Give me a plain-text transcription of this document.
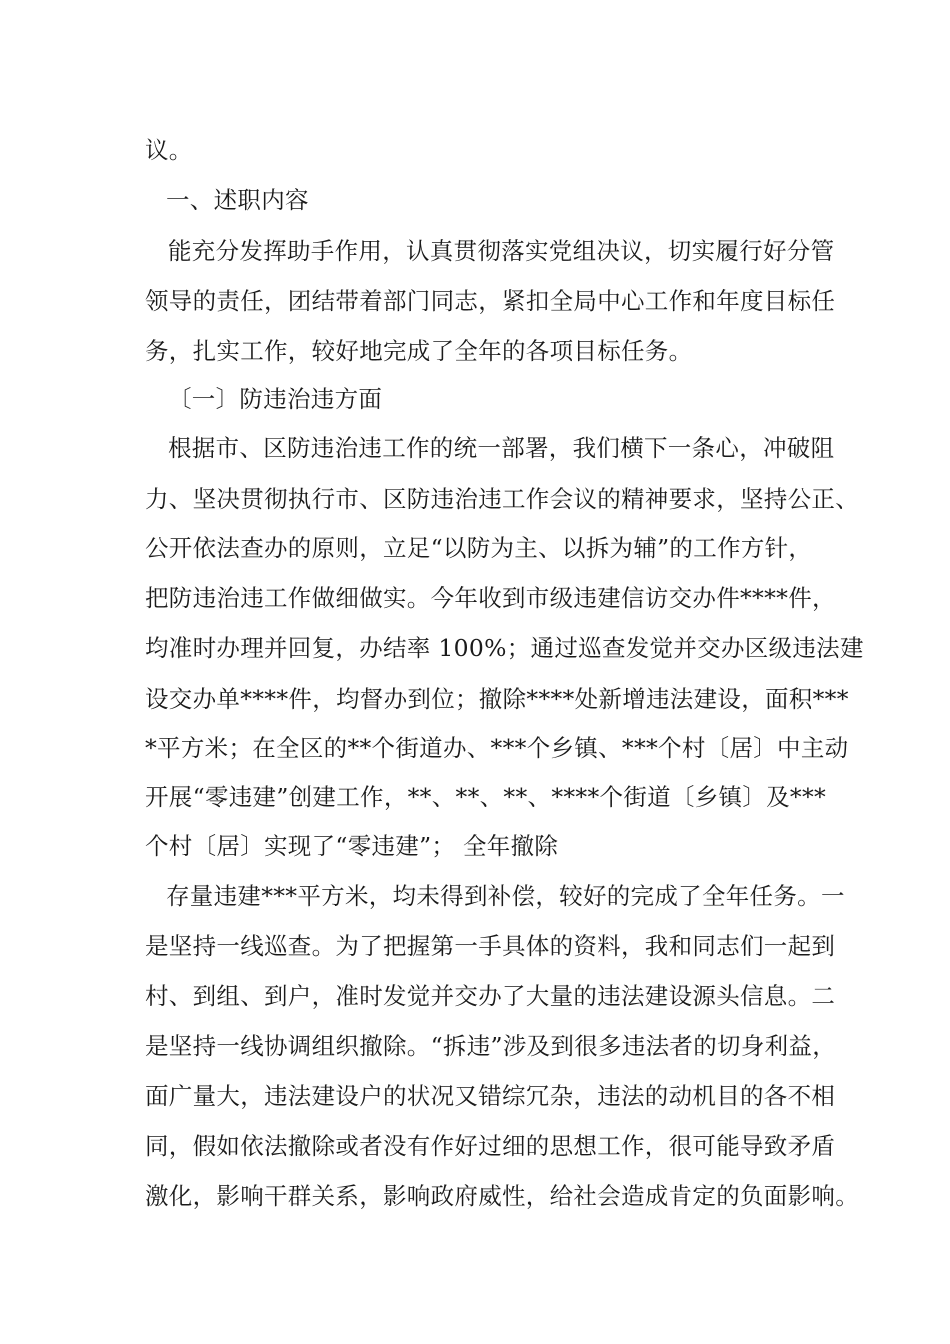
议。
一、述职内容
能充分发挥助手作用，认真贯彻落实党组决议，切实履行好分管
领导的责任，团结带着部门同志，紧扣全局中心工作和年度目标任
务，扎实工作，较好地完成了全年的各项目标任务。
〔一〕防违治违方面
根据市、区防违治违工作的统一部署，我们横下一条心，冲破阻
力、坚决贯彻执行市、区防违治违工作会议的精神要求，坚持公正、
公开依法查办的原则，立足“以防为主、以拆为辅”的工作方针，
把防违治违工作做细做实。今年收到市级违建信访交办件****件，
均准时办理并回复，办结率 100%；通过巡查发觉并交办区级违法建
设交办单****件，均督办到位；撤除****处新增违法建设，面积***
*平方米；在全区的**个街道办、***个乡镇、***个村〔居〕中主动
开展“零违建”创建工作，**、**、**、****个街道〔乡镇〕及***
个村〔居〕实现了“零违建”； 全年撤除
存量违建***平方米，均未得到补偿，较好的完成了全年任务。一
是坚持一线巡查。为了把握第一手具体的资料，我和同志们一起到
村、到组、到户，准时发觉并交办了大量的违法建设源头信息。二
是坚持一线协调组织撤除。“拆违”涉及到很多违法者的切身利益，
面广量大，违法建设户的状况又错综冗杂，违法的动机目的各不相
同，假如依法撤除或者没有作好过细的思想工作，很可能导致矛盾
激化，影响干群关系，影响政府威性，给社会造成肯定的负面影响。
